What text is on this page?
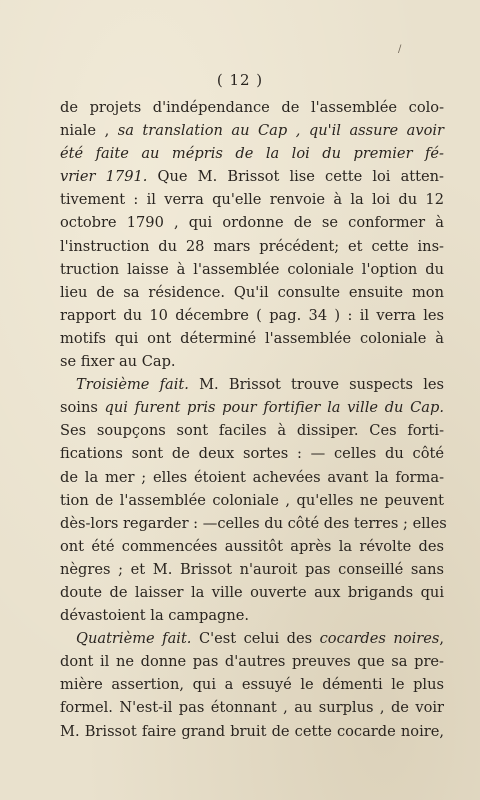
/
( 12 )
de projets d'indépendance de l'assemblée colo-
niale , sa translation au Cap , qu'il assure avoir
été faite au mépris de la loi du premier fé-
vrier 1791. Que M. Brissot lise cette loi atten-
tivement : il verra qu'elle renvoie à la loi du 12
octobre 1790 , qui ordonne de se conformer à
l'instruction du 28 mars précédent; et cette ins-
truction laisse à l'assemblée coloniale l'option du
lieu de sa résidence. Qu'il consulte ensuite mon
rapport du 10 décembre ( pag. 34 ) : il verra les
motifs qui ont déterminé l'assemblée coloniale à
se fixer au Cap.
Troisième fait. M. Brissot trouve suspects les
soins qui furent pris pour fortifier la ville du Cap.
Ses soupçons sont faciles à dissiper. Ces forti-
fications sont de deux sortes : — celles du côté
de la mer ; elles étoient achevées avant la forma-
tion de l'assemblée coloniale , qu'elles ne peuvent
dès-lors regarder : —celles du côté des terres ; elles
ont été commencées aussitôt après la révolte des
nègres ; et M. Brissot n'auroit pas conseillé sans
doute de laisser la ville ouverte aux brigands qui
dévastoient la campagne.
Quatrième fait. C'est celui des cocardes noires,
dont il ne donne pas d'autres preuves que sa pre-
mière assertion, qui a essuyé le démenti le plus
formel. N'est-il pas étonnant , au surplus , de voir
M. Brissot faire grand bruit de cette cocarde noire,
